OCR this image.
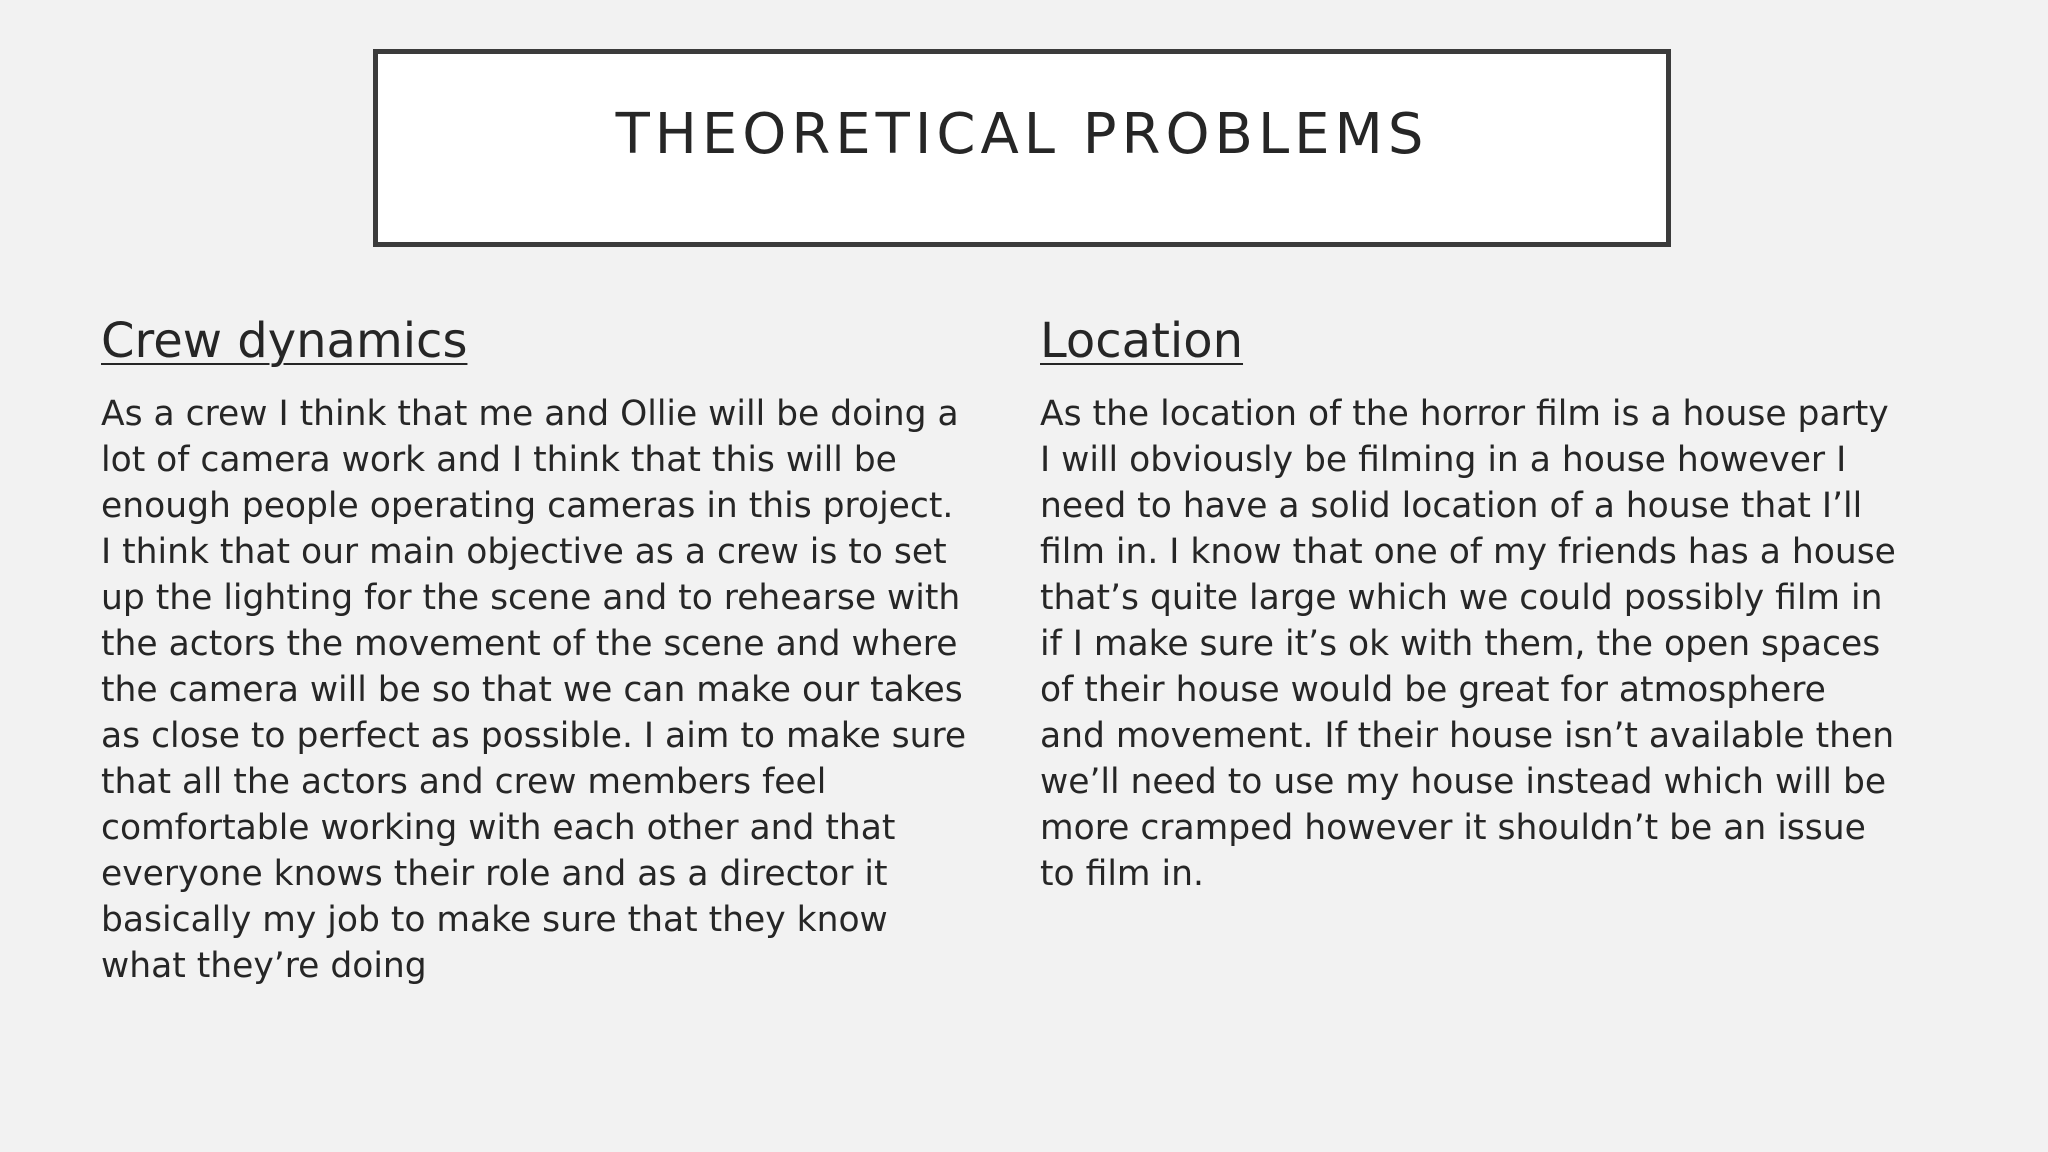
THEORETICAL PROBLEMS
Crew dynamics

As a crew I think that me and Ollie will be doing a
lot of camera work and I think that this will be
enough people operating cameras in this project.
I think that our main objective as a crew is to set
up the lighting for the scene and to rehearse with
the actors the movement of the scene and where
the camera will be so that we can make our takes
as close to perfect as possible. I aim to make sure
that all the actors and crew members feel
comfortable working with each other and that
everyone knows their role and as a director it
basically my job to make sure that they know
what they’re doing

Location

As the location of the horror film is a house party
I will obviously be filming in a house however I
need to have a solid location of a house that I’ll
film in. I know that one of my friends has a house
that’s quite large which we could possibly film in
if I make sure it’s ok with them, the open spaces
of their house would be great for atmosphere
and movement. If their house isn’t available then
we’ll need to use my house instead which will be
more cramped however it shouldn’t be an issue
to film in.
